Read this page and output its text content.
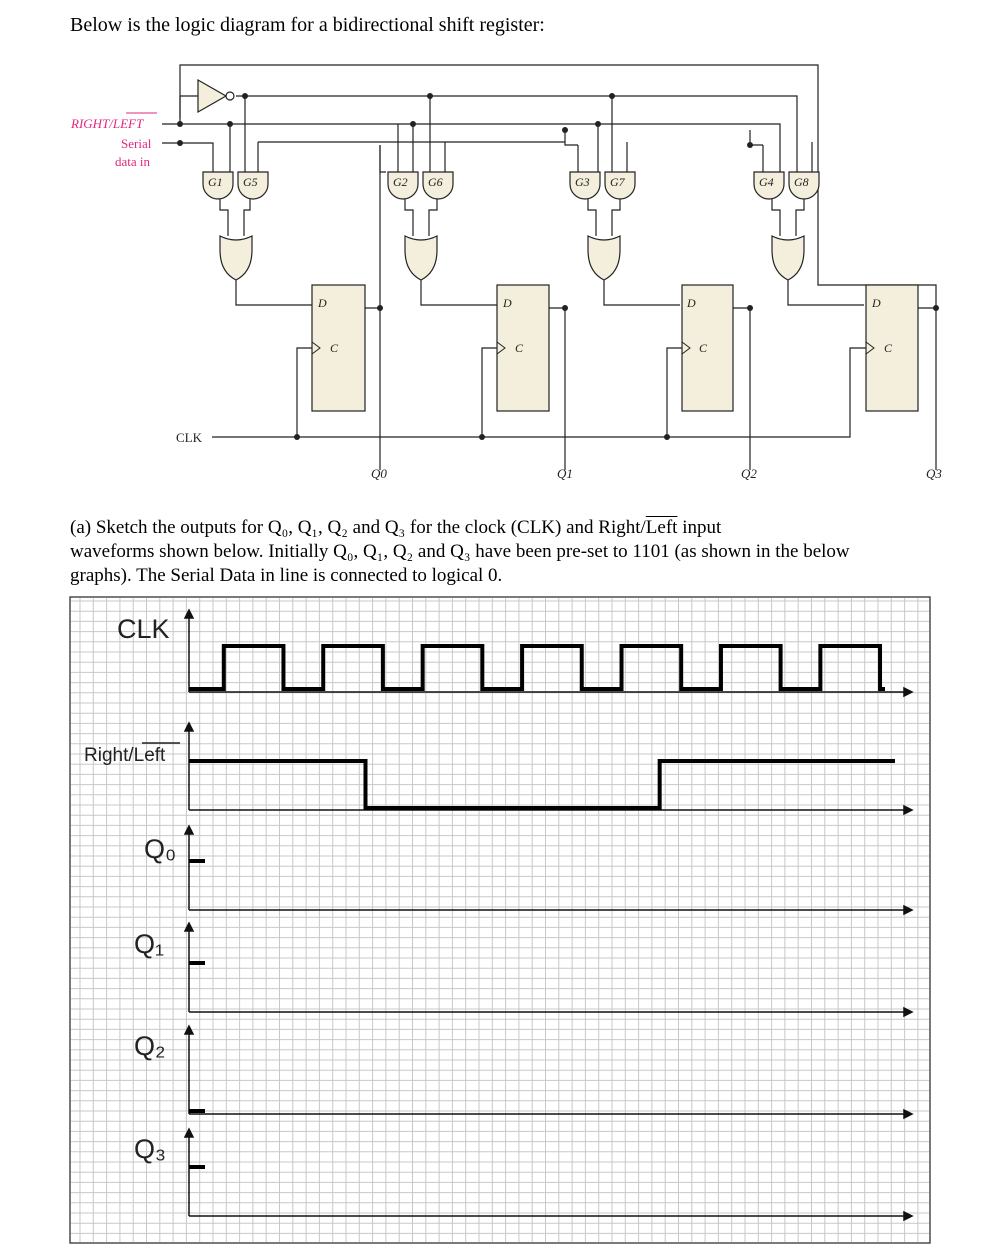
Below is the logic diagram for a bidirectional shift register:
G1 G5	G2 G6	G3 G7	G4 G8
D	D	D	D
C	C	C	C
RIGHT/LEFT
Serial
data in
CLK
Q0	Q1	Q2	Q3
(a) Sketch the outputs for Q₀, Q₁, Q₂ and Q₃ for the clock (CLK) and Right/Left input
waveforms shown below. Initially Q₀, Q₁, Q₂ and Q₃ have been pre-set to 1101 (as shown in the below
graphs). The Serial Data in line is connected to logical 0.
CLK
Right/Left
Q₀
Q₁
Q₂
Q₃
